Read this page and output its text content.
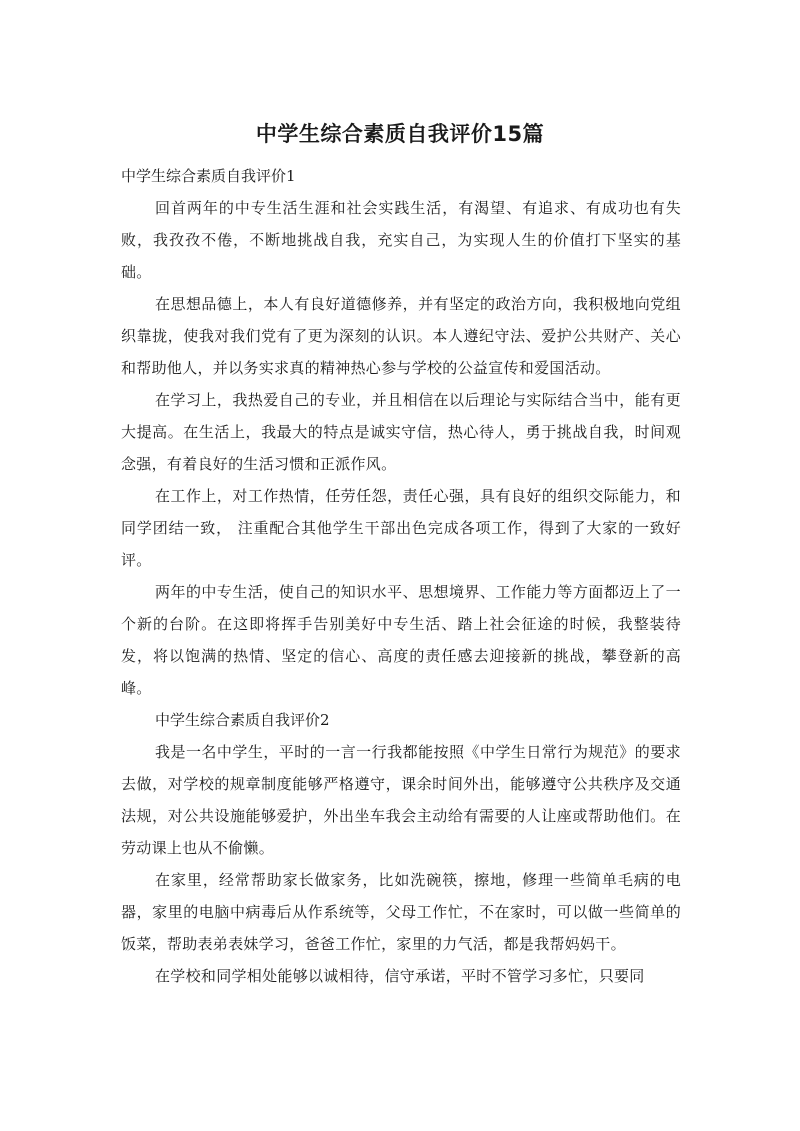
中学生综合素质自我评价15篇

中学生综合素质自我评价1

回首两年的中专生活生涯和社会实践生活，有渴望、有追求、有成功也有失败，我孜孜不倦，不断地挑战自我，充实自己，为实现人生的价值打下坚实的基础。

在思想品德上，本人有良好道德修养，并有坚定的政治方向，我积极地向党组织靠拢，使我对我们党有了更为深刻的认识。本人遵纪守法、爱护公共财产、关心和帮助他人，并以务实求真的精神热心参与学校的公益宣传和爱国活动。

在学习上，我热爱自己的专业，并且相信在以后理论与实际结合当中，能有更大提高。在生活上，我最大的特点是诚实守信，热心待人，勇于挑战自我，时间观念强，有着良好的生活习惯和正派作风。

在工作上，对工作热情，任劳任怨，责任心强，具有良好的组织交际能力，和同学团结一致， 注重配合其他学生干部出色完成各项工作，得到了大家的一致好评。

两年的中专生活，使自己的知识水平、思想境界、工作能力等方面都迈上了一个新的台阶。在这即将挥手告别美好中专生活、踏上社会征途的时候，我整装待发，将以饱满的热情、坚定的信心、高度的责任感去迎接新的挑战，攀登新的高峰。

中学生综合素质自我评价2

我是一名中学生，平时的一言一行我都能按照《中学生日常行为规范》的要求去做，对学校的规章制度能够严格遵守，课余时间外出，能够遵守公共秩序及交通法规，对公共设施能够爱护，外出坐车我会主动给有需要的人让座或帮助他们。在劳动课上也从不偷懒。

在家里，经常帮助家长做家务，比如洗碗筷，擦地，修理一些简单毛病的电器，家里的电脑中病毒后从作系统等，父母工作忙，不在家时，可以做一些简单的饭菜，帮助表弟表妹学习，爸爸工作忙，家里的力气活，都是我帮妈妈干。

在学校和同学相处能够以诚相待，信守承诺，平时不管学习多忙，只要同
